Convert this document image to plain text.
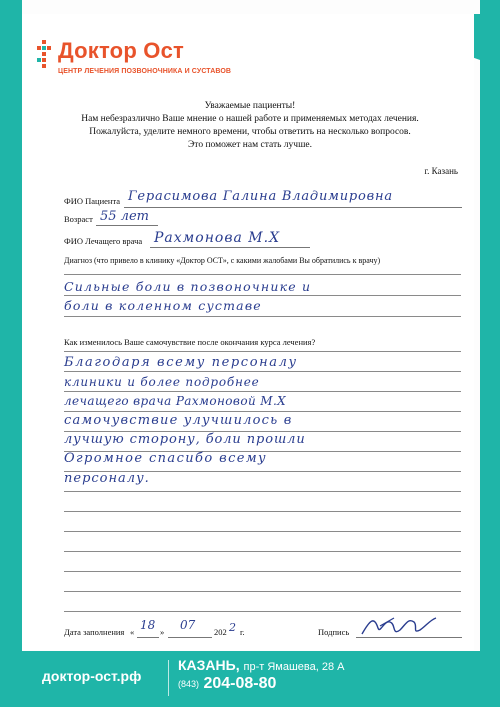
Доктор Ост
ЦЕНТР ЛЕЧЕНИЯ ПОЗВОНОЧНИКА И СУСТАВОВ
Уважаемые пациенты!
Нам небезразлично Ваше мнение о нашей работе и применяемых методах лечения.
Пожалуйста, уделите немного времени, чтобы ответить на несколько вопросов.
Это поможет нам стать лучше.
г. Казань
ФИО Пациента Герасимова Галина Владимировна
Возраст 55 лет
ФИО Лечащего врача Рахмонова М.Х
Диагноз (что привело в клинику «Доктор ОСТ», с какими жалобами Вы обратились к врачу)
Сильные боли в позвоночнике и
боли в коленном суставе
Как изменилось Ваше самочувствие после окончания курса лечения?
Благодаря всему персоналу
клиники и более подробнее
лечащего врача Рахмоновой М.Х
самочувствие улучшилось в
лучшую сторону, боли прошли
Огромное спасибо всему
персоналу.
Дата заполнения « 18 » 07 202 2 г.	Подпись
доктор-ост.рф
КАЗАНЬ, пр-т Ямашева, 28 А
(843) 204-08-80
